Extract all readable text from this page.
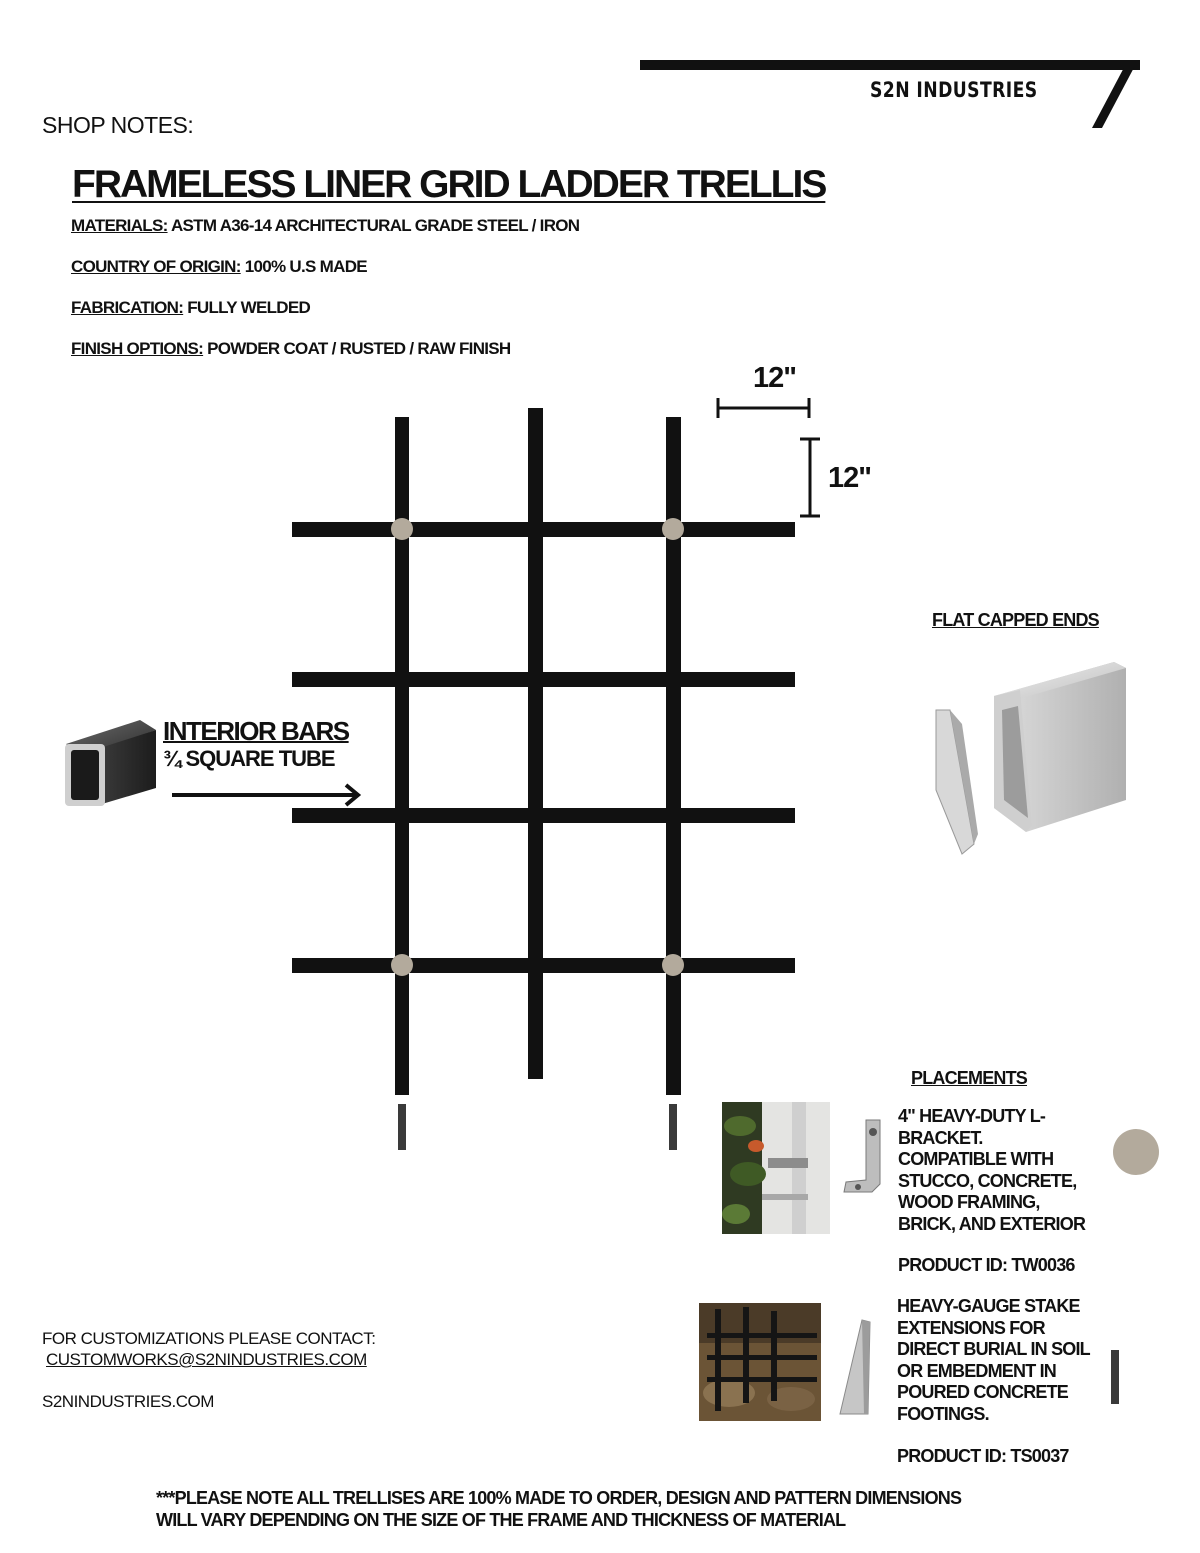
S2N INDUSTRIES
SHOP NOTES:
FRAMELESS LINER GRID LADDER TRELLIS
MATERIALS: ASTM A36-14 ARCHITECTURAL GRADE STEEL / IRON
COUNTRY OF ORIGIN: 100% U.S MADE
FABRICATION: FULLY WELDED
FINISH OPTIONS: POWDER COAT / RUSTED / RAW FINISH
12"
12"
INTERIOR BARS
¾ SQUARE TUBE
FLAT CAPPED ENDS
PLACEMENTS
4" HEAVY-DUTY L-
BRACKET.
COMPATIBLE WITH
STUCCO, CONCRETE,
WOOD FRAMING,
BRICK, AND EXTERIOR
PRODUCT ID: TW0036
HEAVY-GAUGE STAKE
EXTENSIONS FOR
DIRECT BURIAL IN SOIL
OR EMBEDMENT IN
POURED CONCRETE
FOOTINGS.
PRODUCT ID: TS0037
FOR CUSTOMIZATIONS PLEASE CONTACT:
CUSTOMWORKS@S2NINDUSTRIES.COM
S2NINDUSTRIES.COM
***PLEASE NOTE ALL TRELLISES ARE 100% MADE TO ORDER, DESIGN AND PATTERN DIMENSIONS
WILL VARY DEPENDING ON THE SIZE OF THE FRAME AND THICKNESS OF MATERIAL
